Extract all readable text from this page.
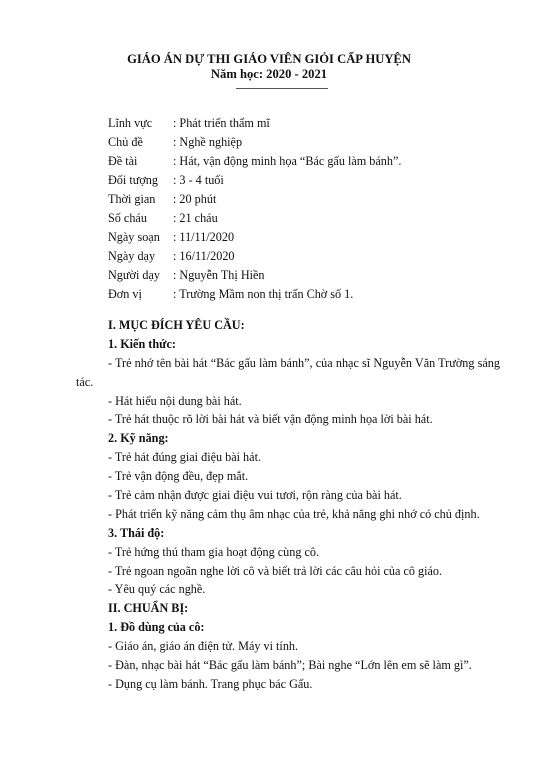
GIÁO ÁN DỰ THI GIÁO VIÊN GIỎI CẤP HUYỆN
Năm học: 2020 - 2021
Lĩnh vực	: Phát triển thẩm mĩ
Chủ đề	: Nghề nghiệp
Đề tài	: Hát, vận động minh họa “Bác gấu làm bánh”.
Đối tượng	: 3 - 4 tuổi
Thời gian	: 20 phút
Số cháu	: 21 cháu
Ngày soạn	: 11/11/2020
Ngày dạy	: 16/11/2020
Người dạy	: Nguyễn Thị Hiền
Đơn vị	: Trường Mầm non thị trấn Chờ số 1.
I. MỤC ĐÍCH YÊU CẦU:
1. Kiến thức:

- Trẻ nhớ tên bài hát “Bác gấu làm bánh”, của nhạc sĩ Nguyễn Văn Trường sáng tác.

- Hát hiểu nội dung bài hát.
- Trẻ hát thuộc rõ lời bài hát và biết vận động minh họa lời bài hát.
2. Kỹ năng:
- Trẻ hát đúng giai điệu bài hát.
- Trẻ vận động đều, đẹp mắt.
- Trẻ cảm nhận được giai điệu vui tươi, rộn ràng của bài hát.
- Phát triển kỹ năng cảm thụ âm nhạc của trẻ, khả năng ghi nhớ có chủ định.
3. Thái độ:
- Trẻ hứng thú tham gia hoạt động cùng cô.
- Trẻ ngoan ngoãn nghe lời cô và biết trả lời các câu hỏi của cô giáo.
- Yêu quý các nghề.
II. CHUẨN BỊ:
1. Đồ dùng của cô:
- Giáo án, giáo án điện tử. Máy vi tính.
- Đàn, nhạc bài hát “Bác gấu làm bánh”; Bài nghe “Lớn lên em sẽ làm gì”.
- Dụng cụ làm bánh. Trang phục bác Gấu.
